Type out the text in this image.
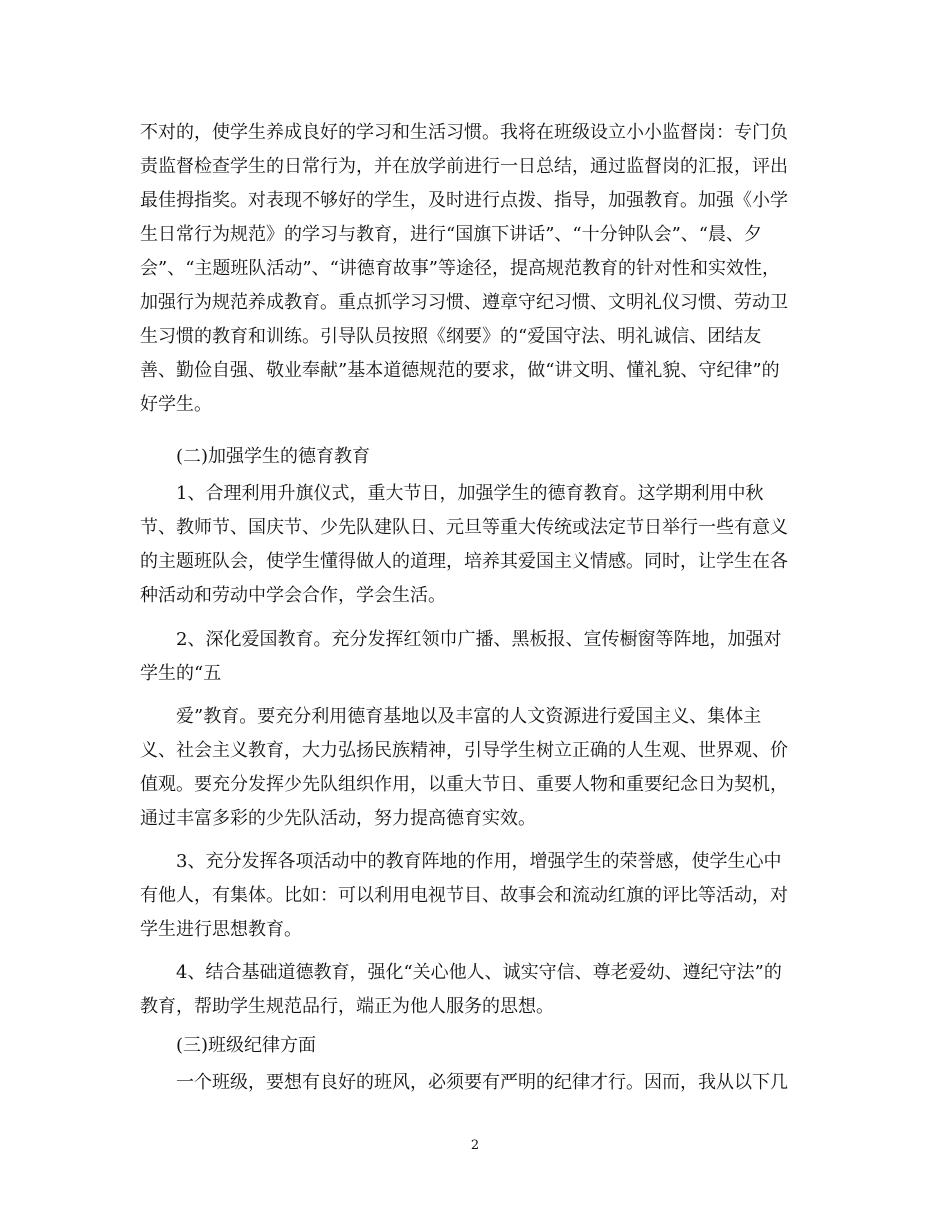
不对的，使学生养成良好的学习和生活习惯。我将在班级设立小小监督岗：专门负
责监督检查学生的日常行为，并在放学前进行一日总结，通过监督岗的汇报，评出
最佳拇指奖。对表现不够好的学生，及时进行点拨、指导，加强教育。加强《小学
生日常行为规范》的学习与教育，进行“国旗下讲话”、“十分钟队会”、“晨、夕
会”、“主题班队活动”、“讲德育故事”等途径，提高规范教育的针对性和实效性，
加强行为规范养成教育。重点抓学习习惯、遵章守纪习惯、文明礼仪习惯、劳动卫
生习惯的教育和训练。引导队员按照《纲要》的“爱国守法、明礼诚信、团结友
善、勤俭自强、敬业奉献”基本道德规范的要求，做“讲文明、懂礼貌、守纪律”的
好学生。
(二)加强学生的德育教育
1、合理利用升旗仪式，重大节日，加强学生的德育教育。这学期利用中秋
节、教师节、国庆节、少先队建队日、元旦等重大传统或法定节日举行一些有意义
的主题班队会，使学生懂得做人的道理，培养其爱国主义情感。同时，让学生在各
种活动和劳动中学会合作，学会生活。
2、深化爱国教育。充分发挥红领巾广播、黑板报、宣传橱窗等阵地，加强对
学生的“五
爱”教育。要充分利用德育基地以及丰富的人文资源进行爱国主义、集体主
义、社会主义教育，大力弘扬民族精神，引导学生树立正确的人生观、世界观、价
值观。要充分发挥少先队组织作用，以重大节日、重要人物和重要纪念日为契机，
通过丰富多彩的少先队活动，努力提高德育实效。
3、充分发挥各项活动中的教育阵地的作用，增强学生的荣誉感，使学生心中
有他人，有集体。比如：可以利用电视节目、故事会和流动红旗的评比等活动，对
学生进行思想教育。
4、结合基础道德教育，强化“关心他人、诚实守信、尊老爱幼、遵纪守法”的
教育，帮助学生规范品行，端正为他人服务的思想。
(三)班级纪律方面
一个班级，要想有良好的班风，必须要有严明的纪律才行。因而，我从以下几
2
